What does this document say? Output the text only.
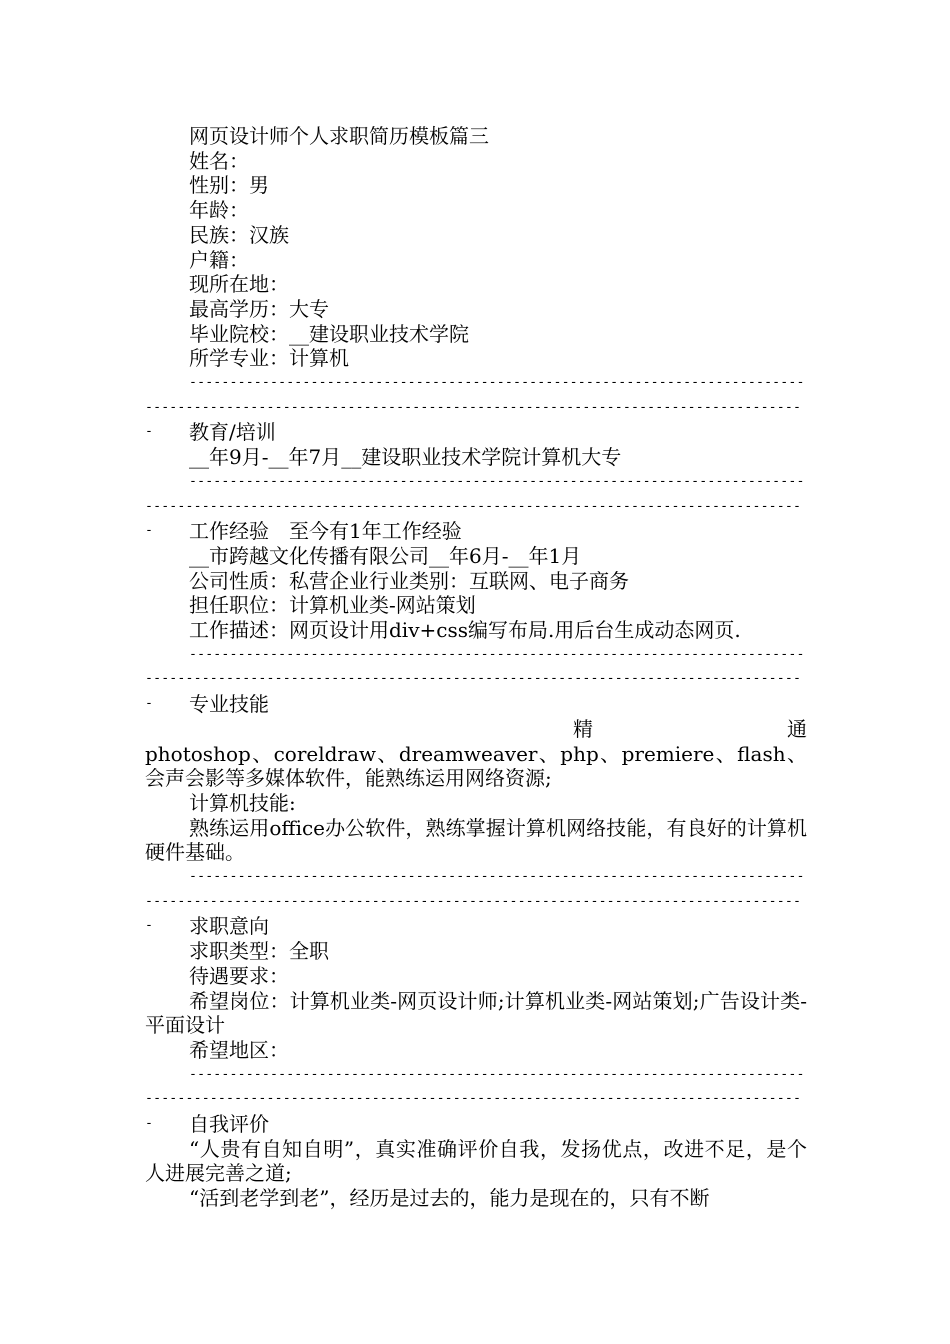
网页设计师个人求职简历模板篇三

姓名：

性别：男

年龄：

民族：汉族

户籍：

现所在地：

最高学历：大专

毕业院校：__建设职业技术学院

所学专业：计算机

--------------------------------------------------------------------------------------------------------------------------------------------------------------	教育/培训

__年9月-__年7月__建设职业技术学院计算机大专

--------------------------------------------------------------------------------------------------------------------------------------------------------------	工作经验　至今有1年工作经验

__市跨越文化传播有限公司__年6月-__年1月

公司性质：私营企业行业类别：互联网、电子商务

担任职位：计算机业类-网站策划

工作描述：网页设计用div+css编写布局.用后台生成动态网页.

--------------------------------------------------------------------------------------------------------------------------------------------------------------	专业技能

精	通

photoshop、coreldraw、dreamweaver、php、premiere、flash、会声会影等多媒体软件，能熟练运用网络资源;

计算机技能:

熟练运用office办公软件，熟练掌握计算机网络技能，有良好的计算机硬件基础。

--------------------------------------------------------------------------------------------------------------------------------------------------------------	求职意向

求职类型：全职

待遇要求：

希望岗位：计算机业类-网页设计师;计算机业类-网站策划;广告设计类-平面设计

希望地区：

--------------------------------------------------------------------------------------------------------------------------------------------------------------	自我评价

“人贵有自知自明”，真实准确评价自我，发扬优点，改进不足，是个人进展完善之道;

“活到老学到老”，经历是过去的，能力是现在的，只有不断
